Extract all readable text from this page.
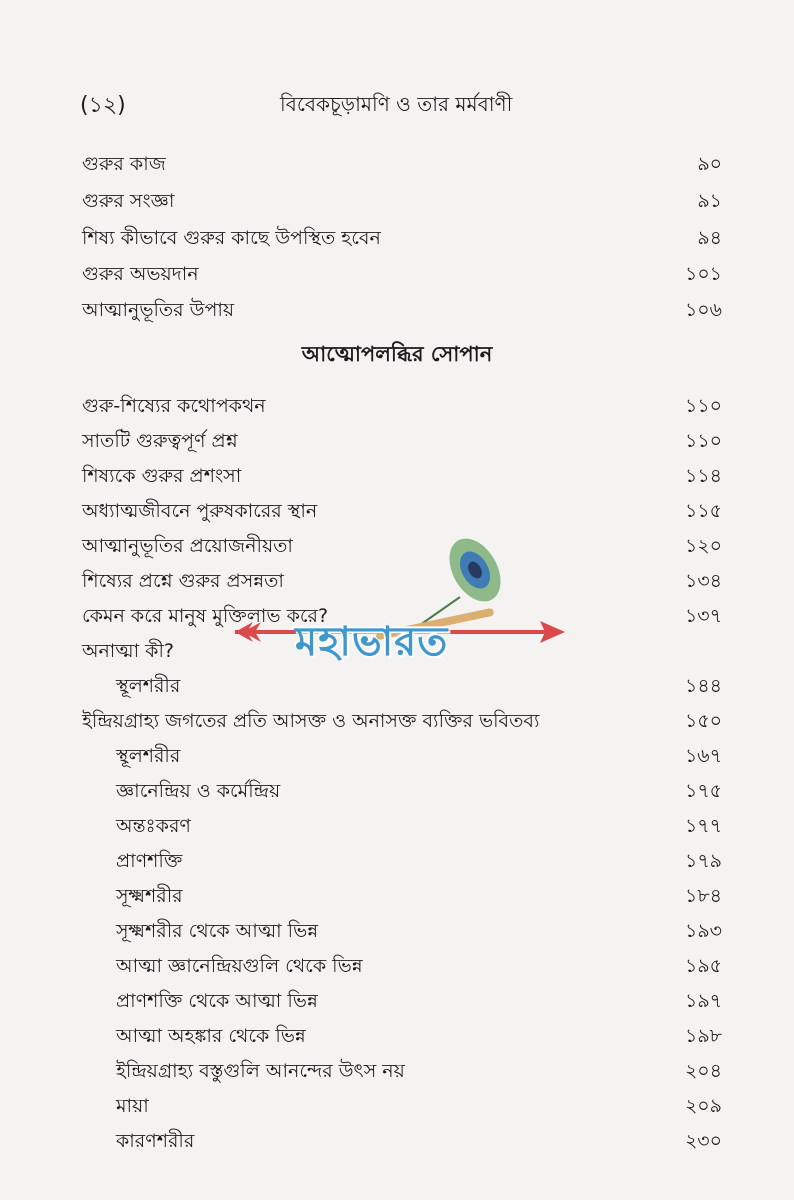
(১২)	বিবেকচূড়ামণি ও তার মর্মবাণী
গুরুর কাজ	৯০
গুরুর সংজ্ঞা	৯১
শিষ্য কীভাবে গুরুর কাছে উপস্থিত হবেন	৯৪
গুরুর অভয়দান	১০১
আত্মানুভূতির উপায়	১০৬
আত্মোপলব্ধির সোপান
গুরু-শিষ্যের কথোপকথন	১১০
সাতটি গুরুত্বপূর্ণ প্রশ্ন	১১০
শিষ্যকে গুরুর প্রশংসা	১১৪
অধ্যাত্মজীবনে পুরুষকারের স্থান	১১৫
আত্মানুভূতির প্রয়োজনীয়তা	১২০
শিষ্যের প্রশ্নে গুরুর প্রসন্নতা	১৩৪
কেমন করে মানুষ মুক্তিলাভ করে?	১৩৭
অনাত্মা কী?
স্থূলশরীর	১৪৪
ইন্দ্রিয়গ্রাহ্য জগতের প্রতি আসক্ত ও অনাসক্ত ব্যক্তির ভবিতব্য	১৫০
স্থূলশরীর	১৬৭
জ্ঞানেন্দ্রিয় ও কর্মেন্দ্রিয়	১৭৫
অন্তঃকরণ	১৭৭
প্রাণশক্তি	১৭৯
সূক্ষ্মশরীর	১৮৪
সূক্ষ্মশরীর থেকে আত্মা ভিন্ন	১৯৩
আত্মা জ্ঞানেন্দ্রিয়গুলি থেকে ভিন্ন	১৯৫
প্রাণশক্তি থেকে আত্মা ভিন্ন	১৯৭
আত্মা অহঙ্কার থেকে ভিন্ন	১৯৮
ইন্দ্রিয়গ্রাহ্য বস্তুগুলি আনন্দের উৎস নয়	২০৪
মায়া	২০৯
কারণশরীর	২৩০
মহাভারত
